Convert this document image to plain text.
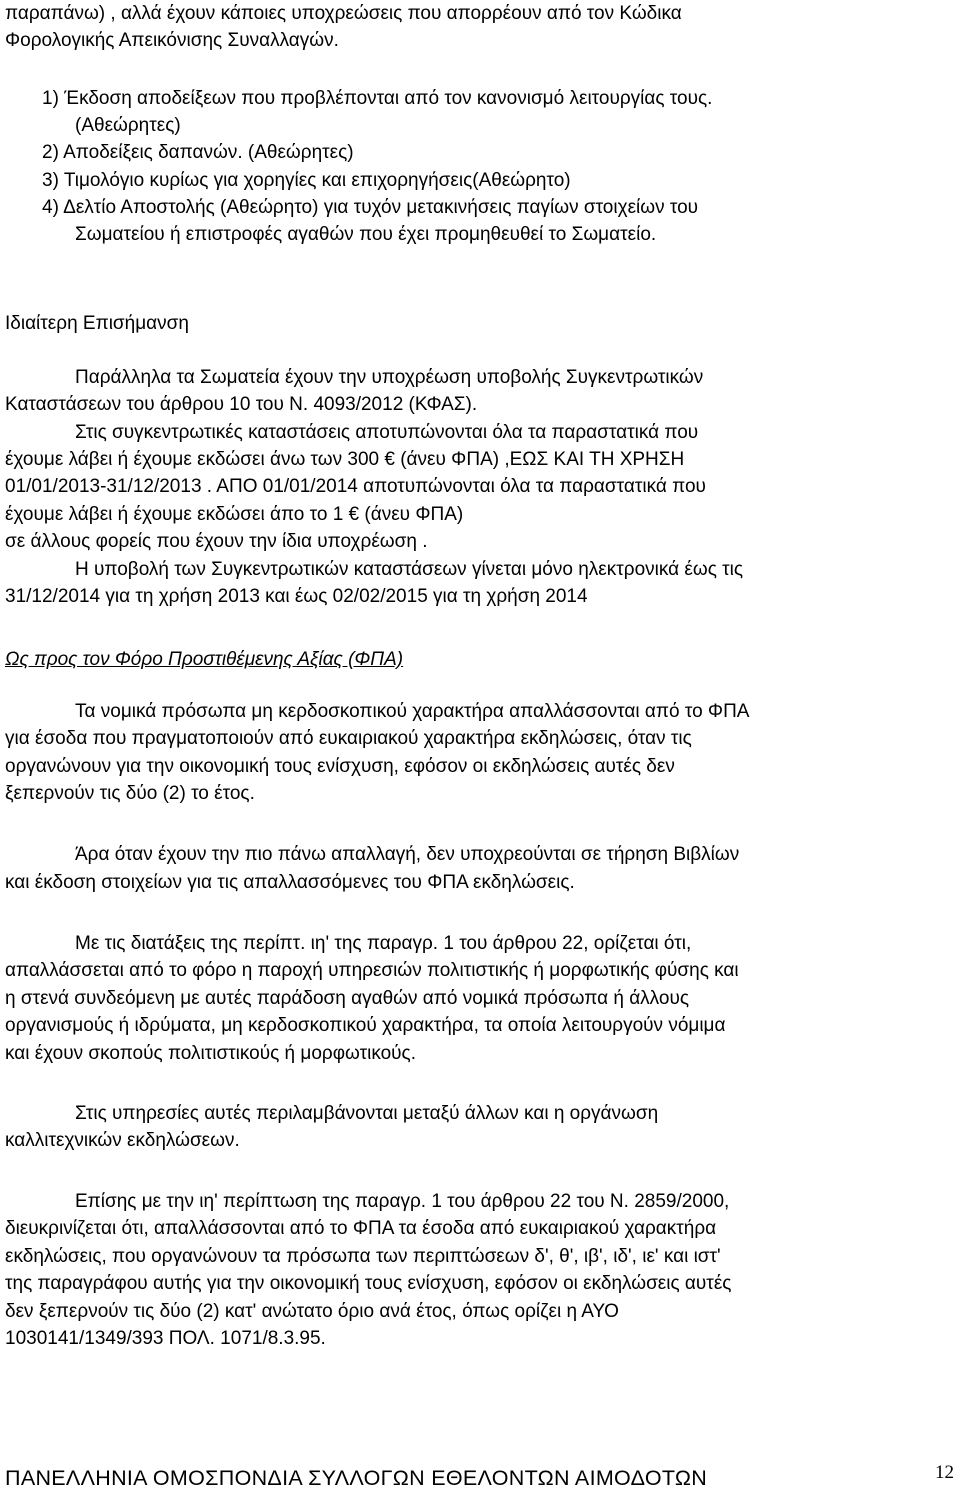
παραπάνω) , αλλά έχουν κάποιες υποχρεώσεις που απορρέουν από τον Κώδικα
Φορολογικής Απεικόνισης Συναλλαγών.
1) Έκδοση αποδείξεων που προβλέπονται από τον κανονισμό λειτουργίας τους.
(Αθεώρητες)
2) Αποδείξεις δαπανών. (Αθεώρητες)
3) Τιμολόγιο κυρίως για χορηγίες και επιχορηγήσεις(Αθεώρητο)
4) Δελτίο Αποστολής (Αθεώρητο) για τυχόν μετακινήσεις παγίων στοιχείων του
Σωματείου ή επιστροφές αγαθών που έχει προμηθευθεί το Σωματείο.
Ιδιαίτερη Επισήμανση
Παράλληλα τα Σωματεία έχουν την υποχρέωση υποβολής Συγκεντρωτικών
Καταστάσεων του άρθρου 10 του Ν. 4093/2012 (ΚΦΑΣ).
Στις συγκεντρωτικές καταστάσεις αποτυπώνονται όλα τα παραστατικά που
έχουμε λάβει ή έχουμε εκδώσει άνω των 300 € (άνευ ΦΠΑ) ,ΕΩΣ ΚΑΙ ΤΗ ΧΡΗΣΗ
01/01/2013-31/12/2013 . ΑΠΟ 01/01/2014 αποτυπώνονται όλα τα παραστατικά που
έχουμε λάβει ή έχουμε εκδώσει άπο το 1 € (άνευ ΦΠΑ)
σε άλλους φορείς που έχουν την ίδια υποχρέωση .
Η υποβολή των Συγκεντρωτικών καταστάσεων γίνεται μόνο ηλεκτρονικά έως τις
31/12/2014 για τη χρήση 2013 και έως 02/02/2015 για τη χρήση 2014
Τα νομικά πρόσωπα μη κερδοσκοπικού χαρακτήρα απαλλάσσονται από το ΦΠΑ
για έσοδα που πραγματοποιούν από ευκαιριακού χαρακτήρα εκδηλώσεις, όταν τις
οργανώνουν για την οικονομική τους ενίσχυση, εφόσον οι εκδηλώσεις αυτές δεν
ξεπερνούν τις δύο (2) το έτος.
Άρα όταν έχουν την πιο πάνω απαλλαγή, δεν υποχρεούνται σε τήρηση Βιβλίων
και έκδοση στοιχείων για τις απαλλασσόμενες του ΦΠΑ εκδηλώσεις.
Με τις διατάξεις της περίπτ. ιη' της παραγρ. 1 του άρθρου 22, ορίζεται ότι,
απαλλάσσεται από το φόρο η παροχή υπηρεσιών πολιτιστικής ή μορφωτικής φύσης και
η στενά συνδεόμενη με αυτές παράδοση αγαθών από νομικά πρόσωπα ή άλλους
οργανισμούς ή ιδρύματα, μη κερδοσκοπικού χαρακτήρα, τα οποία λειτουργούν νόμιμα
και έχουν σκοπούς πολιτιστικούς ή μορφωτικούς.
Στις υπηρεσίες αυτές περιλαμβάνονται μεταξύ άλλων και η οργάνωση
καλλιτεχνικών εκδηλώσεων.
Επίσης με την ιη' περίπτωση της παραγρ. 1 του άρθρου 22 του Ν. 2859/2000,
διευκρινίζεται ότι, απαλλάσσονται από το ΦΠΑ τα έσοδα από ευκαιριακού χαρακτήρα
εκδηλώσεις, που οργανώνουν τα πρόσωπα των περιπτώσεων δ', θ', ιβ', ιδ', ιε' και ιστ'
της παραγράφου αυτής για την οικονομική τους ενίσχυση, εφόσον οι εκδηλώσεις αυτές
δεν ξεπερνούν τις δύο (2) κατ' ανώτατο όριο ανά έτος, όπως ορίζει η ΑΥΟ
1030141/1349/393 ΠΟΛ. 1071/8.3.95.
Ως προς τον Φόρο Προστιθέμενης Αξίας (ΦΠΑ)
ΠΑΝΕΛΛΗΝΙΑ ΟΜΟΣΠΟΝΔΙΑ ΣΥΛΛΟΓΩΝ ΕΘΕΛΟΝΤΩΝ ΑΙΜΟΔΟΤΩΝ	12
